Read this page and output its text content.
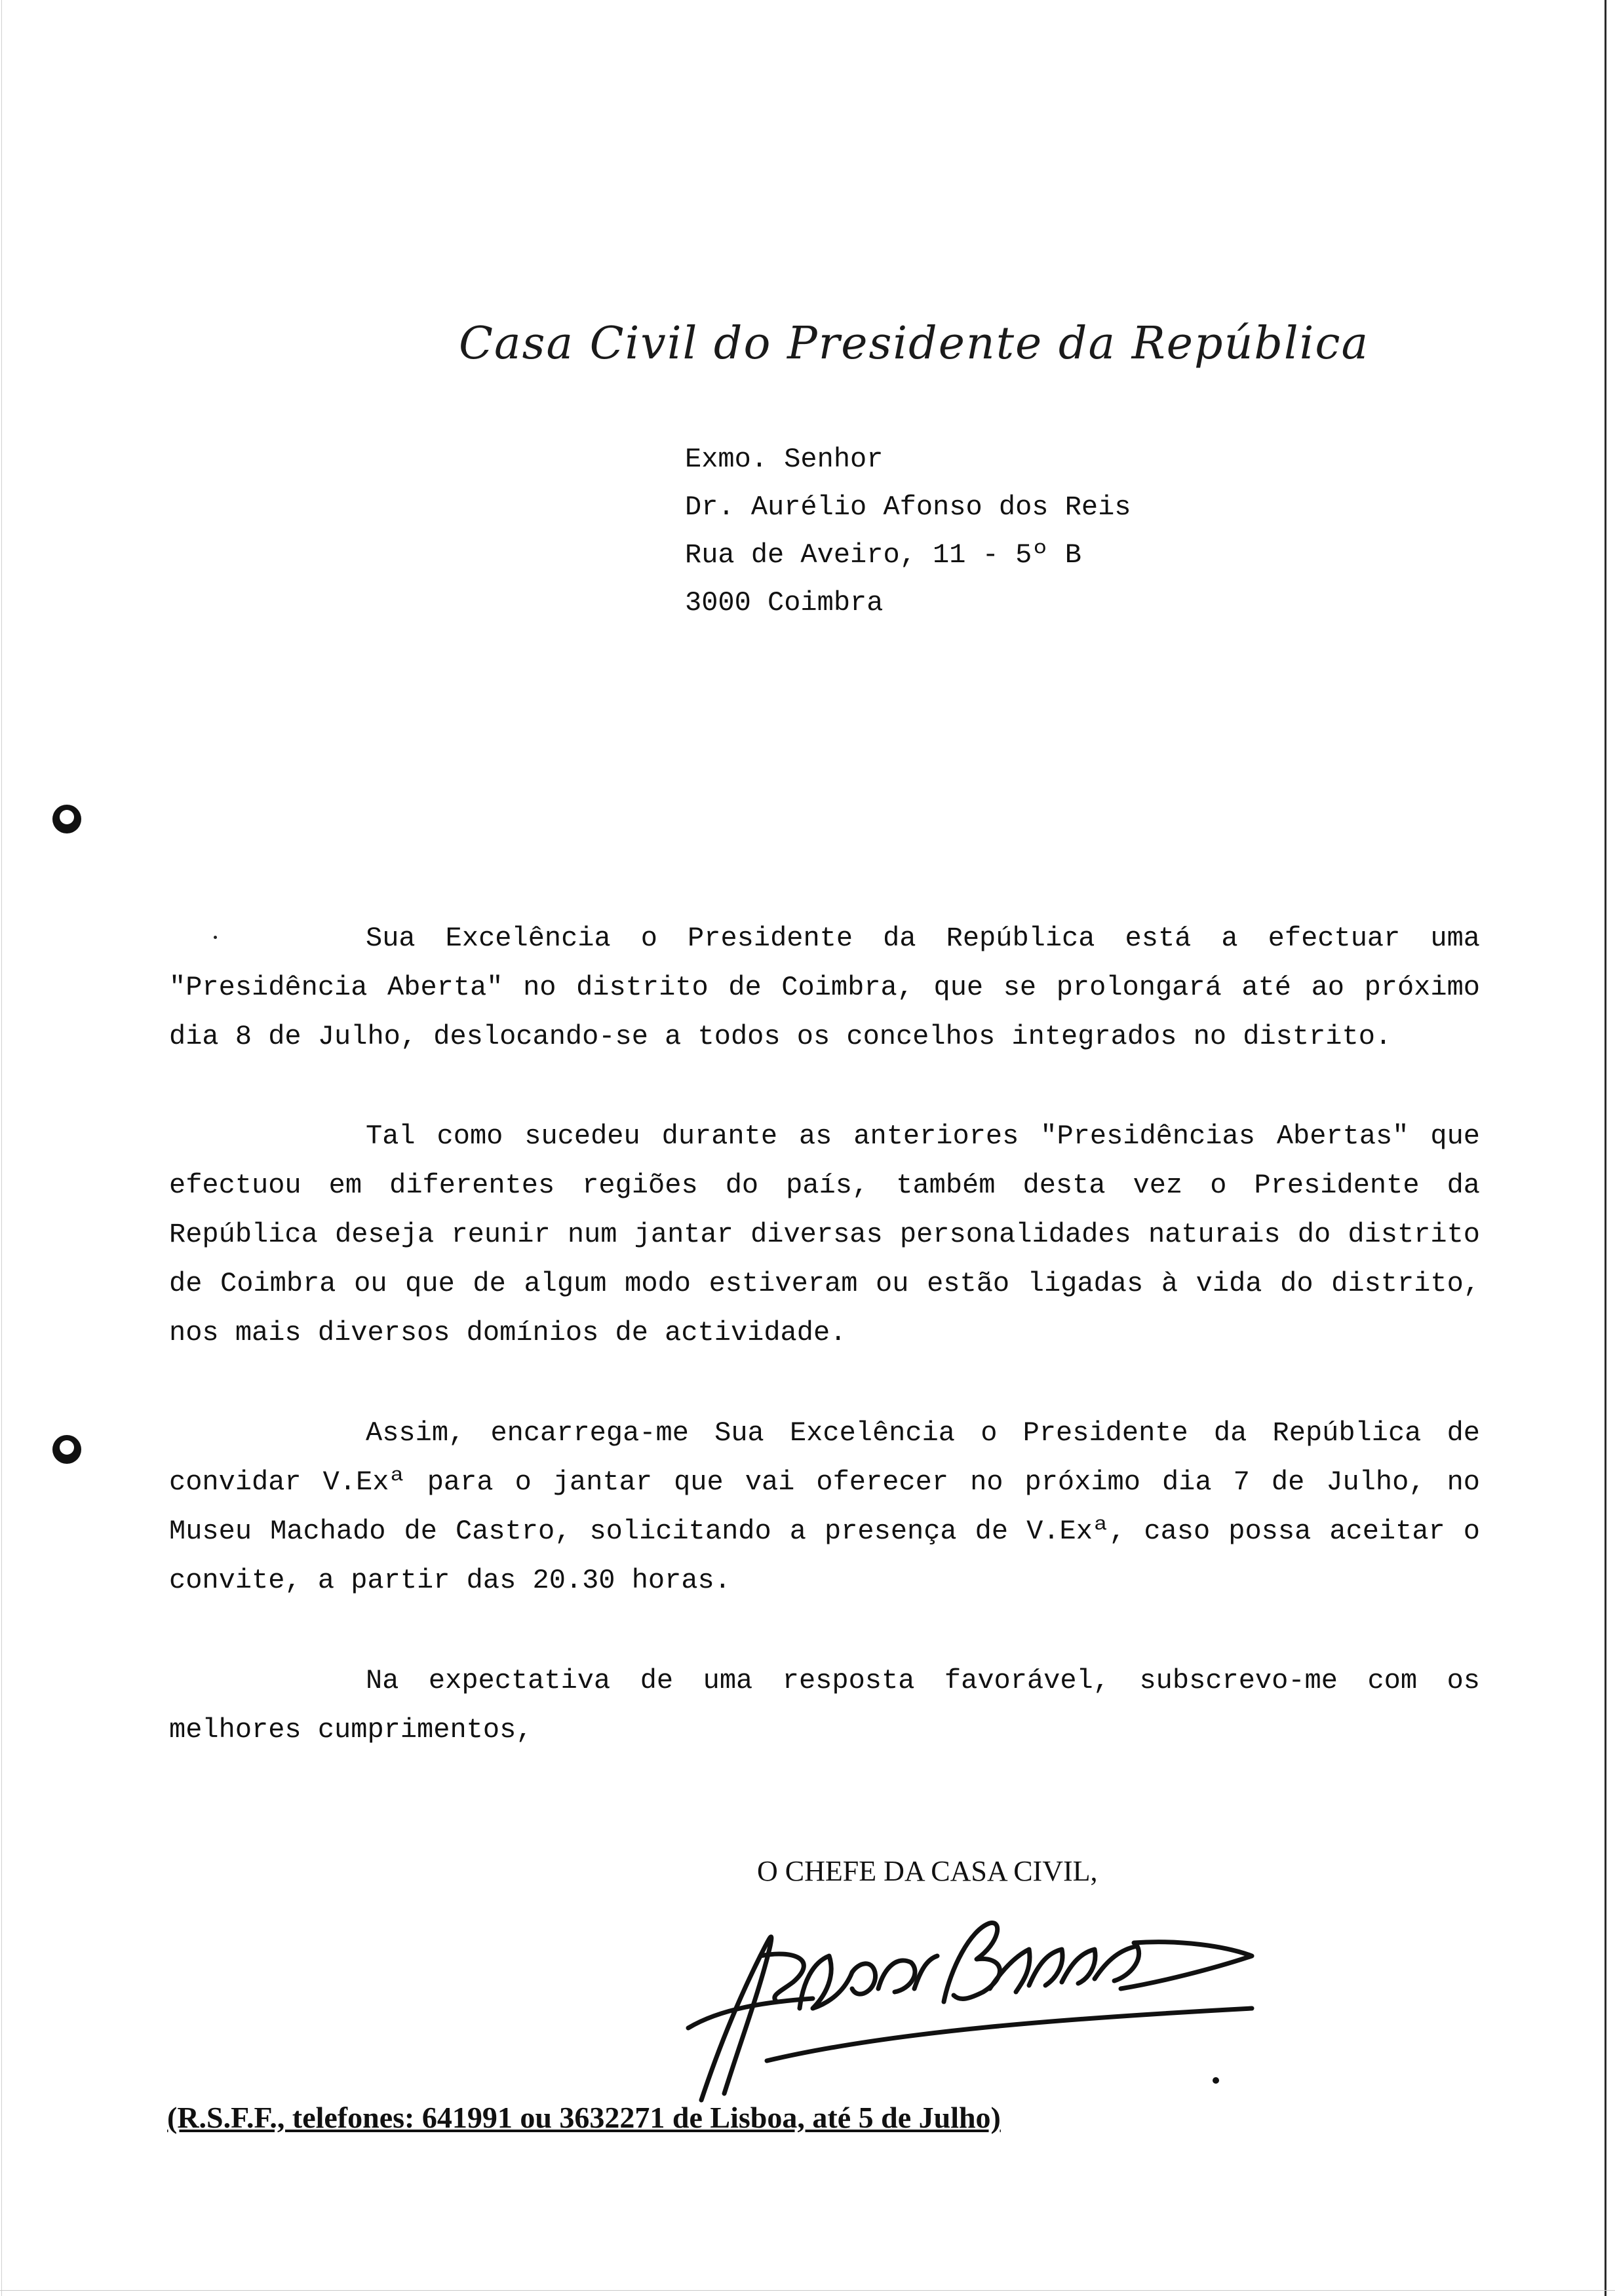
Casa Civil do Presidente da República
Exmo. Senhor
Dr. Aurélio Afonso dos Reis
Rua de Aveiro, 11 - 5º B
3000 Coimbra

Sua Excelência o Presidente da República está a efectuar uma "Presidência Aberta" no distrito de Coimbra, que se prolongará até ao próximo dia 8 de Julho, deslocando-se a todos os concelhos integrados no distrito.

Tal como sucedeu durante as anteriores "Presidências Abertas" que efectuou em diferentes regiões do país, também desta vez o Presidente da República deseja reunir num jantar diversas personalidades naturais do distrito de Coimbra ou que de algum modo estiveram ou estão ligadas à vida do distrito, nos mais diversos domínios de actividade.

Assim, encarrega-me Sua Excelência o Presidente da República de convidar V.Exª para o jantar que vai oferecer no próximo dia 7 de Julho, no Museu Machado de Castro, solicitando a presença de V.Exª, caso possa aceitar o convite, a partir das 20.30 horas.

Na expectativa de uma resposta favorável, subscrevo-me com os melhores cumprimentos,

O CHEFE DA CASA CIVIL,
(R.S.F.F., telefones: 641991 ou 3632271 de Lisboa, até 5 de Julho)
